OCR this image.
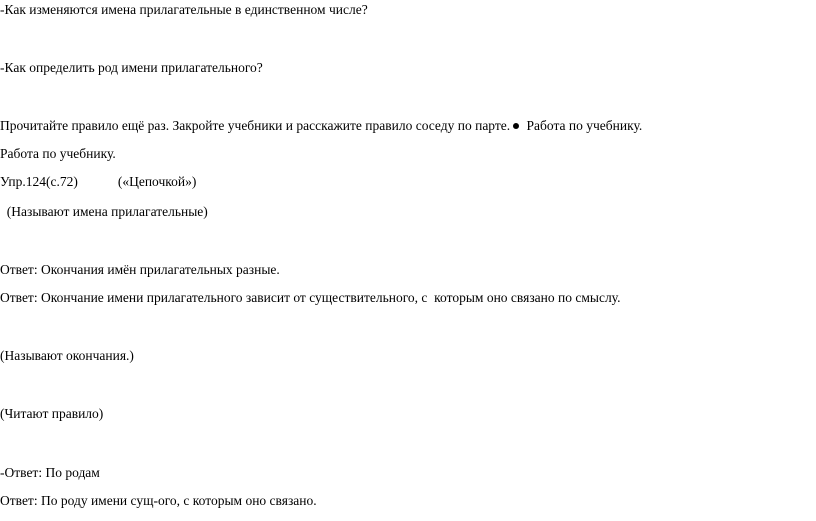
-Как изменяются имена прилагательные в единственном числе?
-Как определить род имени прилагательного?
Прочитайте правило ещё раз. Закройте учебники и расскажите правило соседу по парте. Работа по учебнику.
Работа по учебнику.
Упр.124(с.72)	(«Цепочкой»)
(Называют имена прилагательные)
Ответ: Окончания имён прилагательных разные.
Ответ: Окончание имени прилагательного зависит от существительного, с  которым оно связано по смыслу.
(Называют окончания.)
(Читают правило)
-Ответ: По родам
Ответ: По роду имени сущ-ого, с которым оно связано.
